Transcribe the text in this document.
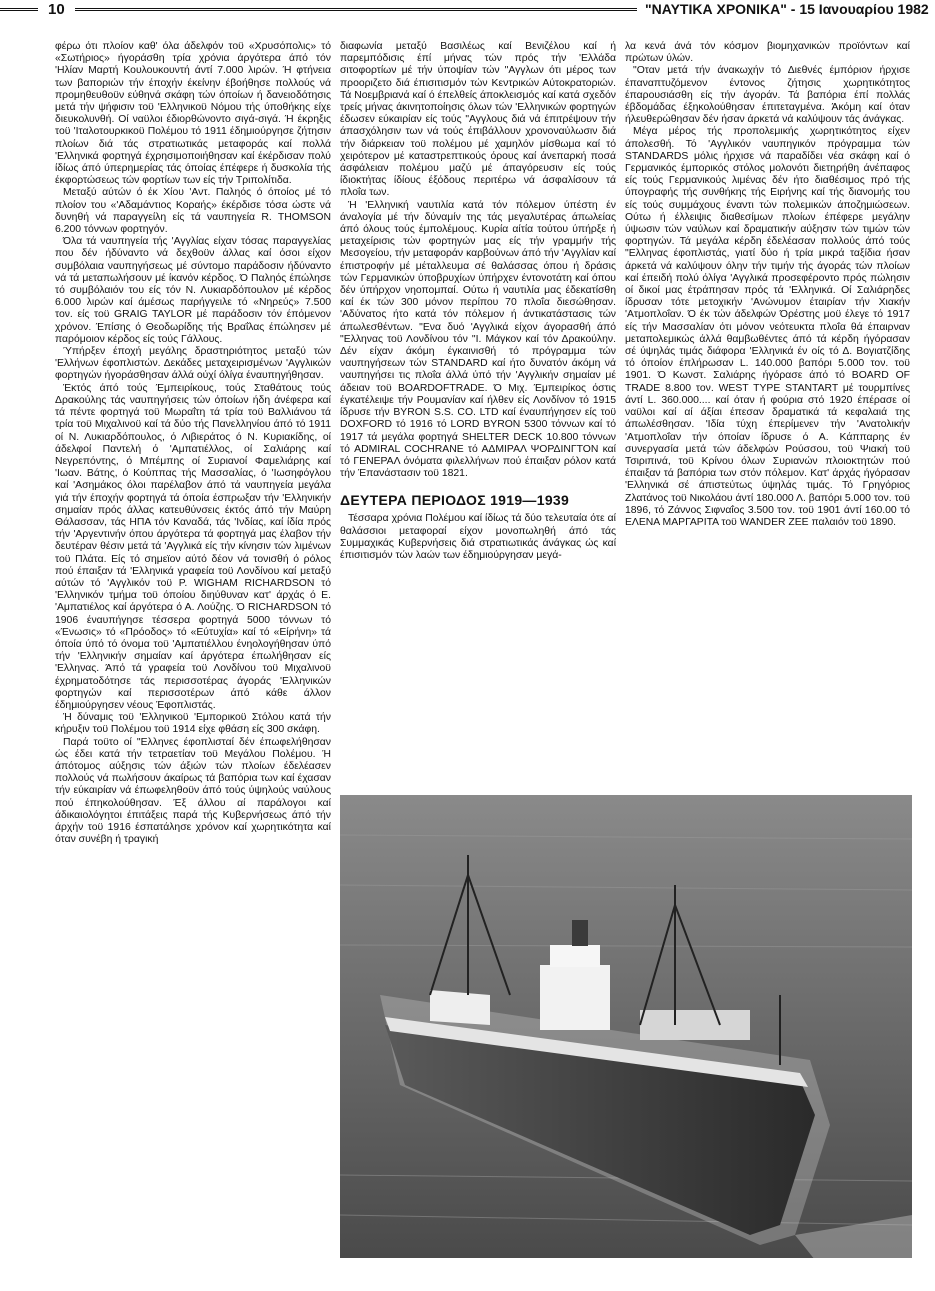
10	"ΝΑΥΤΙΚΑ ΧΡΟΝΙΚΑ" - 15 Ιανουαρίου 1982

φέρω ότι πλοίον καθ' όλα άδελφόν τοϋ «Χρυσόπολις» τό «Σωτήριος» ήγοράσθη τρία χρόνια άργότερα άπό τόν 'Ηλίαν Μαρτή Κουλουκουντή άντί 7.000 λιρών. Ή φτήνεια των βαποριών τήν έποχήν έκείνην έβοήθησε πολλούς νά προμηθευθοϋν εύθηνά σκάφη τών όποίων ή δανειοδότησις μετά τήν ψήφισιν τοϋ 'Ελληνικοϋ Νόμου τής ύποθήκης είχε διευκολυνθή. Οί ναϋλοι έδιορθώνοντο σιγά-σιγά. Ή έκρηξις τοϋ 'Ιταλοτουρκικοϋ Πολέμου τό 1911 έδημιούργησε ζήτησιν πλοίων διά τάς στρατιωτικάς μεταφοράς καί πολλά 'Ελληνικά φορτηγά έχρησιμοποιήθησαν καί έκέρδισαν πολύ ίδίως άπό ύπερημερίας τάς όποίας έπέφερε ή δυσκολία τής έκφορτώσεως τών φορτίων των είς τήν Τριπολίτιδα.

Μεταξύ αύτών ό έκ Χίου 'Αντ. Παληός ό όποίος μέ τό πλοίον του «'Αδαμάντιος Κοραής» έκέρδισε τόσα ώστε νά δυνηθή νά παραγγείλη είς τά ναυπηγεία R. THOMSON 6.200 τόννων φορτηγόν.

Όλα τά ναυπηγεία τής 'Αγγλίας είχαν τόσας παραγγελίας που δέν ήδύναντο νά δεχθοϋν άλλας καί όσοι είχον συμβόλαια ναυπηγήσεως μέ σύντομο παράδοσιν ήδύναντο νά τά μεταπωλήσουν μέ ίκανόν κέρδος. Ό Παληός έπώλησε τό συμβόλαιόν του είς τόν Ν. Λυκιαρδόπουλον μέ κέρδος 6.000 λιρών καί άμέσως παρήγγειλε τό «Νηρεύς» 7.500 τον. είς τοϋ GRAIG TAYLOR μέ παράδοσιν τόν έπόμενον χρόνον. Έπίσης ό Θεοδωρίδης τής Βραΐλας έπώλησεν μέ παρόμοιον κέρδος είς τούς Γάλλους.

Ύπήρξεν έποχή μεγάλης δραστηριότητος μεταξύ τών 'Ελλήνων έφοπλιστών. Δεκάδες μεταχειρισμένων 'Αγγλικών φορτηγών ήγοράσθησαν άλλά ούχί όλίγα έναυπηγήθησαν.

Έκτός άπό τούς Έμπειρίκους, τούς Σταθάτους τούς Δρακούλης τάς ναυπηγήσεις τών όποίων ήδη άνέφερα καί τά πέντε φορτηγά τοϋ Μωραΐτη τά τρία τοϋ Βαλλιάνου τά τρία τοϋ Μιχαλινοϋ καί τά δύο τής Πανελληνίου άπό τό 1911 οί Ν. Λυκιαρδόπουλος, ό Λιβιεράτος ό Ν. Κυριακίδης, οί άδελφοί Παντελή ό 'Αμπατιέλλος, οί Σαλιάρης καί Νεγρεπόντης, ό Μπέμπης οί Συριανοί Φαμελιάρης καί 'Ιωαν. Βάτης, ό Κούππας τής Μασσαλίας, ό 'Ιωσηφόγλου καί 'Ασημάκος όλοι παρέλαβον άπό τά ναυπηγεία μεγάλα γιά τήν έποχήν φορτηγά τά όποία έσπρωξαν τήν 'Ελληνικήν σημαίαν πρός άλλας κατευθύνσεις έκτός άπό τήν Μαύρη Θάλασσαν, τάς ΗΠΑ τόν Καναδά, τάς 'Ινδίας, καί ίδία πρός τήν 'Αργεντινήν όπου άργότερα τά φορτηγά μας έλαβον τήν δευτέραν θέσιν μετά τά 'Αγγλικά είς τήν κίνησιν τών λιμένων τοϋ Πλάτα. Είς τό σημεϊον αύτό δέον νά τονισθή ό ρόλος πού έπαιξαν τά 'Ελληνικά γραφεία τοϋ Λονδίνου καί μεταξύ αύτών τό 'Αγγλικόν τοϋ P. WIGHAM RICHARDSON τό 'Ελληνικόν τμήμα τοϋ όποίου διηύθυναν κατ' άρχάς ό Ε. 'Αμπατιέλος καί άργότερα ό Α. Λούζης. Ό RICHARDSON τό 1906 έναυπήγησε τέσσερα φορτηγά 5000 τόννων τό «Ένωσις» τό «Πρόοδος» τό «Εύτυχία» καί τό «Είρήνη» τά όποία ύπό τό όνομα τοϋ 'Αμπατιέλλου ένηολογήθησαν ύπό τήν 'Ελληνικήν σημαίαν καί άργότερα έπωλήθησαν είς 'Ελληνας. Άπό τά γραφεία τοϋ Λονδίνου τοϋ Μιχαλινοϋ έχρηματοδότησε τάς περισσοτέρας άγοράς 'Ελληνικών φορτηγών καί περισσοτέρων άπό κάθε άλλον έδημιούργησεν νέους Έφοπλιστάς.

Ή δύναμις τοϋ 'Ελληνικοϋ 'Εμπορικοϋ Στόλου κατά τήν κήρυξιν τοϋ Πολέμου τοϋ 1914 είχε φθάση είς 300 σκάφη.

Παρά τοϋτο οί "Ελληνες έφοπλισταί δέν έπωφελήθησαν ώς έδει κατά τήν τετραετίαν τοϋ Μεγάλου Πολέμου. Ή άπότομος αύξησις τών άξιών τών πλοίων έδελέασεν πολλούς νά πωλήσουν άκαίρως τά βαπόρια των καί έχασαν τήν εύκαιρίαν νά έπωφεληθοϋν άπό τούς ύψηλούς ναύλους πού έπηκολούθησαν. Έξ άλλου αί παράλογοι καί άδικαιολόγητοι έπιτάξεις παρά τής Κυβερνήσεως άπό τήν άρχήν τοϋ 1916 έσπατάλησε χρόνον καί χωρητικότητα καί όταν συνέβη ή τραγική

διαφωνία μεταξύ Βασιλέως καί Βενιζέλου καί ή παρεμπόδισις έπί μήνας τών πρός τήν 'Ελλάδα σιτοφορτίων μέ τήν ύποψίαν τών "Αγγλων ότι μέρος των προοριζετο διά έπισιτισμόν τών Κεντρικών Αύτοκρατοριών. Τά Νοεμβριανά καί ό έπελθείς άποκλεισμός καί κατά σχεδόν τρείς μήνας άκινητοποίησις όλων τών 'Ελληνικών φορτηγών έδωσεν εύκαιρίαν είς τούς "Αγγλους διά νά έπιτρέψουν τήν άπασχόλησιν των νά τούς έπιβάλλουν χρονοναύλωσιν διά τήν διάρκειαν τοϋ πολέμου μέ χαμηλόν μίσθωμα καί τό χειρότερον μέ καταστρεπτικούς όρους καί άνεπαρκή ποσά άσφάλειαν πολέμου μαζύ μέ άπαγόρευσιν είς τούς ίδιοκτήτας ίδίους έξόδους περιτέρω νά άσφαλίσουν τά πλοΐα των.

Ή 'Ελληνική ναυτιλία κατά τόν πόλεμον ύπέστη έν άναλογία μέ τήν δύναμίν της τάς μεγαλυτέρας άπωλείας άπό όλους τούς έμπολέμους. Κυρία αίτία τούτου ύπήρξε ή μεταχείρισις τών φορτηγών μας είς τήν γραμμήν τής Μεσογείου, τήν μεταφοράν καρβούνων άπό τήν 'Αγγλίαν καί έπιστροφήν μέ μέταλλευμα σέ θαλάσσας όπου ή δράσις τών Γερμανικών ύποβρυχίων ύπήρχεν έντονοτάτη καί όπου δέν ύπήρχον νηοπομπαί. Ούτω ή ναυτιλία μας έδεκατίσθη καί έκ τών 300 μόνον περίπου 70 πλοΐα διεσώθησαν. 'Αδύνατος ήτο κατά τόν πόλεμον ή άντικατάστασις τών άπωλεσθέντων. "Ενα δυό 'Αγγλικά είχον άγορασθή άπό "Ελληνας τοϋ Λονδίνου τόν "Ι. Μάγκον καί τόν Δρακούλην. Δέν είχαν άκόμη έγκαινισθή τό πρόγραμμα τών ναυπηγήσεων τών STANDARD καί ήτο δυνατόν άκόμη νά ναυπηγήσει τις πλοΐα άλλά ύπό τήν 'Αγγλικήν σημαίαν μέ άδειαν τοϋ BOARDOFTRADE. Ό Μιχ. Έμπειρίκος όστις έγκατέλειψε τήν Ρουμανίαν καί ήλθεν είς Λονδίνον τό 1915 ίδρυσε τήν BYRON S.S. CO. LTD καί έναυπήγησεν είς τοϋ DOXFORD τό 1916 τό LORD BYRON 5300 τόννων καί τό 1917 τά μεγάλα φορτηγά SHELTER DECK 10.800 τόννων τό ADMIRAL COCHRANE τό ΑΔΜΙΡΑΛ ΨΟΡΔΙΝΓΤΟΝ καί τό ΓΕΝΕΡΑΛ όνόματα φιλελλήνων πού έπαιξαν ρόλον κατά τήν Έπανάστασιν τοϋ 1821.

ΔΕΥΤΕΡΑ ΠΕΡΙΟΔΟΣ 1919—1939

Τέσσαρα χρόνια Πολέμου καί ίδίως τά δύο τελευταία ότε αί θαλάσσιοι μεταφοραί είχον μονοπωληθή άπό τάς Συμμαχικάς Κυβερνήσεις διά στρατιωτικάς άνάγκας ώς καί έπισιτισμόν τών λαών των έδημιούργησαν μεγά-

λα κενά άνά τόν κόσμον βιομηχανικών προϊόντων καί πρώτων ύλών.

"Οταν μετά τήν άνακωχήν τό Διεθνές έμπόριον ήρχισε έπαναπτυζόμενον έντονος ζήτησις χωρητικότητος έπαρουσιάσθη είς τήν άγοράν. Τά βαπόρια έπί πολλάς έβδομάδας έξηκολούθησαν έπιτεταγμένα. Άκόμη καί όταν ήλευθερώθησαν δέν ήσαν άρκετά νά καλύψουν τάς άνάγκας.

Μέγα μέρος τής προπολεμικής χωρητικότητος είχεν άπολεσθή. Τό 'Αγγλικόν ναυπηγικόν πρόγραμμα τών STANDARDS μόλις ήρχισε νά παραδίδει νέα σκάφη καί ό Γερμανικός έμπορικός στόλος μολονότι διετηρήθη άνέπαφος είς τούς Γερμανικούς λιμένας δέν ήτο διαθέσιμος πρό τής ύπογραφής τής συνθήκης τής Ειρήνης καί τής διανομής του είς τούς συμμάχους έναντι τών πολεμικών άποζημιώσεων. Ούτω ή έλλειψις διαθεσίμων πλοίων έπέφερε μεγάλην ύψωσιν τών ναύλων καί δραματικήν αύξησιν τών τιμών τών φορτηγών. Τά μεγάλα κέρδη έδελέασαν πολλούς άπό τούς "Ελληνας έφοπλιστάς, γιατί δύο ή τρία μικρά ταξίδια ήσαν άρκετά νά καλύψουν όλην τήν τιμήν τής άγοράς τών πλοίων καί έπειδή πολύ όλίγα 'Αγγλικά προσεφέροντο πρός πώλησιν οί δικοί μας έτράπησαν πρός τά 'Ελληνικά. Οί Σαλιάρηδες ίδρυσαν τότε μετοχικήν 'Ανώνυμον έταιρίαν τήν Χιακήν 'Ατμοπλοΐαν. Ό έκ τών άδελφών Όρέστης μοϋ έλεγε τό 1917 είς τήν Μασσαλίαν ότι μόνον νεότευκτα πλοΐα θά έπαιρναν μεταπολεμικώς άλλά θαμβωθέντες άπό τά κέρδη ήγόρασαν σέ ύψηλάς τιμάς διάφορα 'Ελληνικά έν οίς τό Δ. Βογιατζίδης τό όποίον έπλήρωσαν L. 140.000 βαπόρι 5.000 τον. τοϋ 1901. Ό Κωνστ. Σαλιάρης ήγόρασε άπό τό BOARD OF TRADE 8.800 τον. WEST TYPE STANTART μέ τουρμπίνες άντί L. 360.000.... καί όταν ή φούρια στό 1920 έπέρασε οί ναϋλοι καί αί άξίαι έπεσαν δραματικά τά κεφαλαιά της άπωλέσθησαν. 'Ιδία τύχη έπερίμενεν τήν 'Ανατολικήν 'Ατμοπλοΐαν τήν όποίαν ίδρυσε ό Α. Κάππαρης έν συνεργασία μετά τών άδελφών Ρούσσου, τοϋ Ψιακή τοϋ Τσιριπινά, τοϋ Κρίνου όλων Συριανών πλοιοκτητών πού έπαιξαν τά βαπόρια των στόν πόλεμον. Κατ' άρχάς ήγόρασαν 'Ελληνικά σέ άπιστεύτως ύψηλάς τιμάς. Τό Γρηγόριος Ζλατάνος τοϋ Νικολάου άντί 180.000 Λ. βαπόρι 5.000 τον. τοϋ 1896, τό Ζάννος Σιφναΐος 3.500 τον. τοϋ 1901 άντί 160.00 τό ΕΛΕΝΑ ΜΑΡΓΑΡΙΤΑ τοϋ WANDER ZEE παλαιόν τοϋ 1890.
